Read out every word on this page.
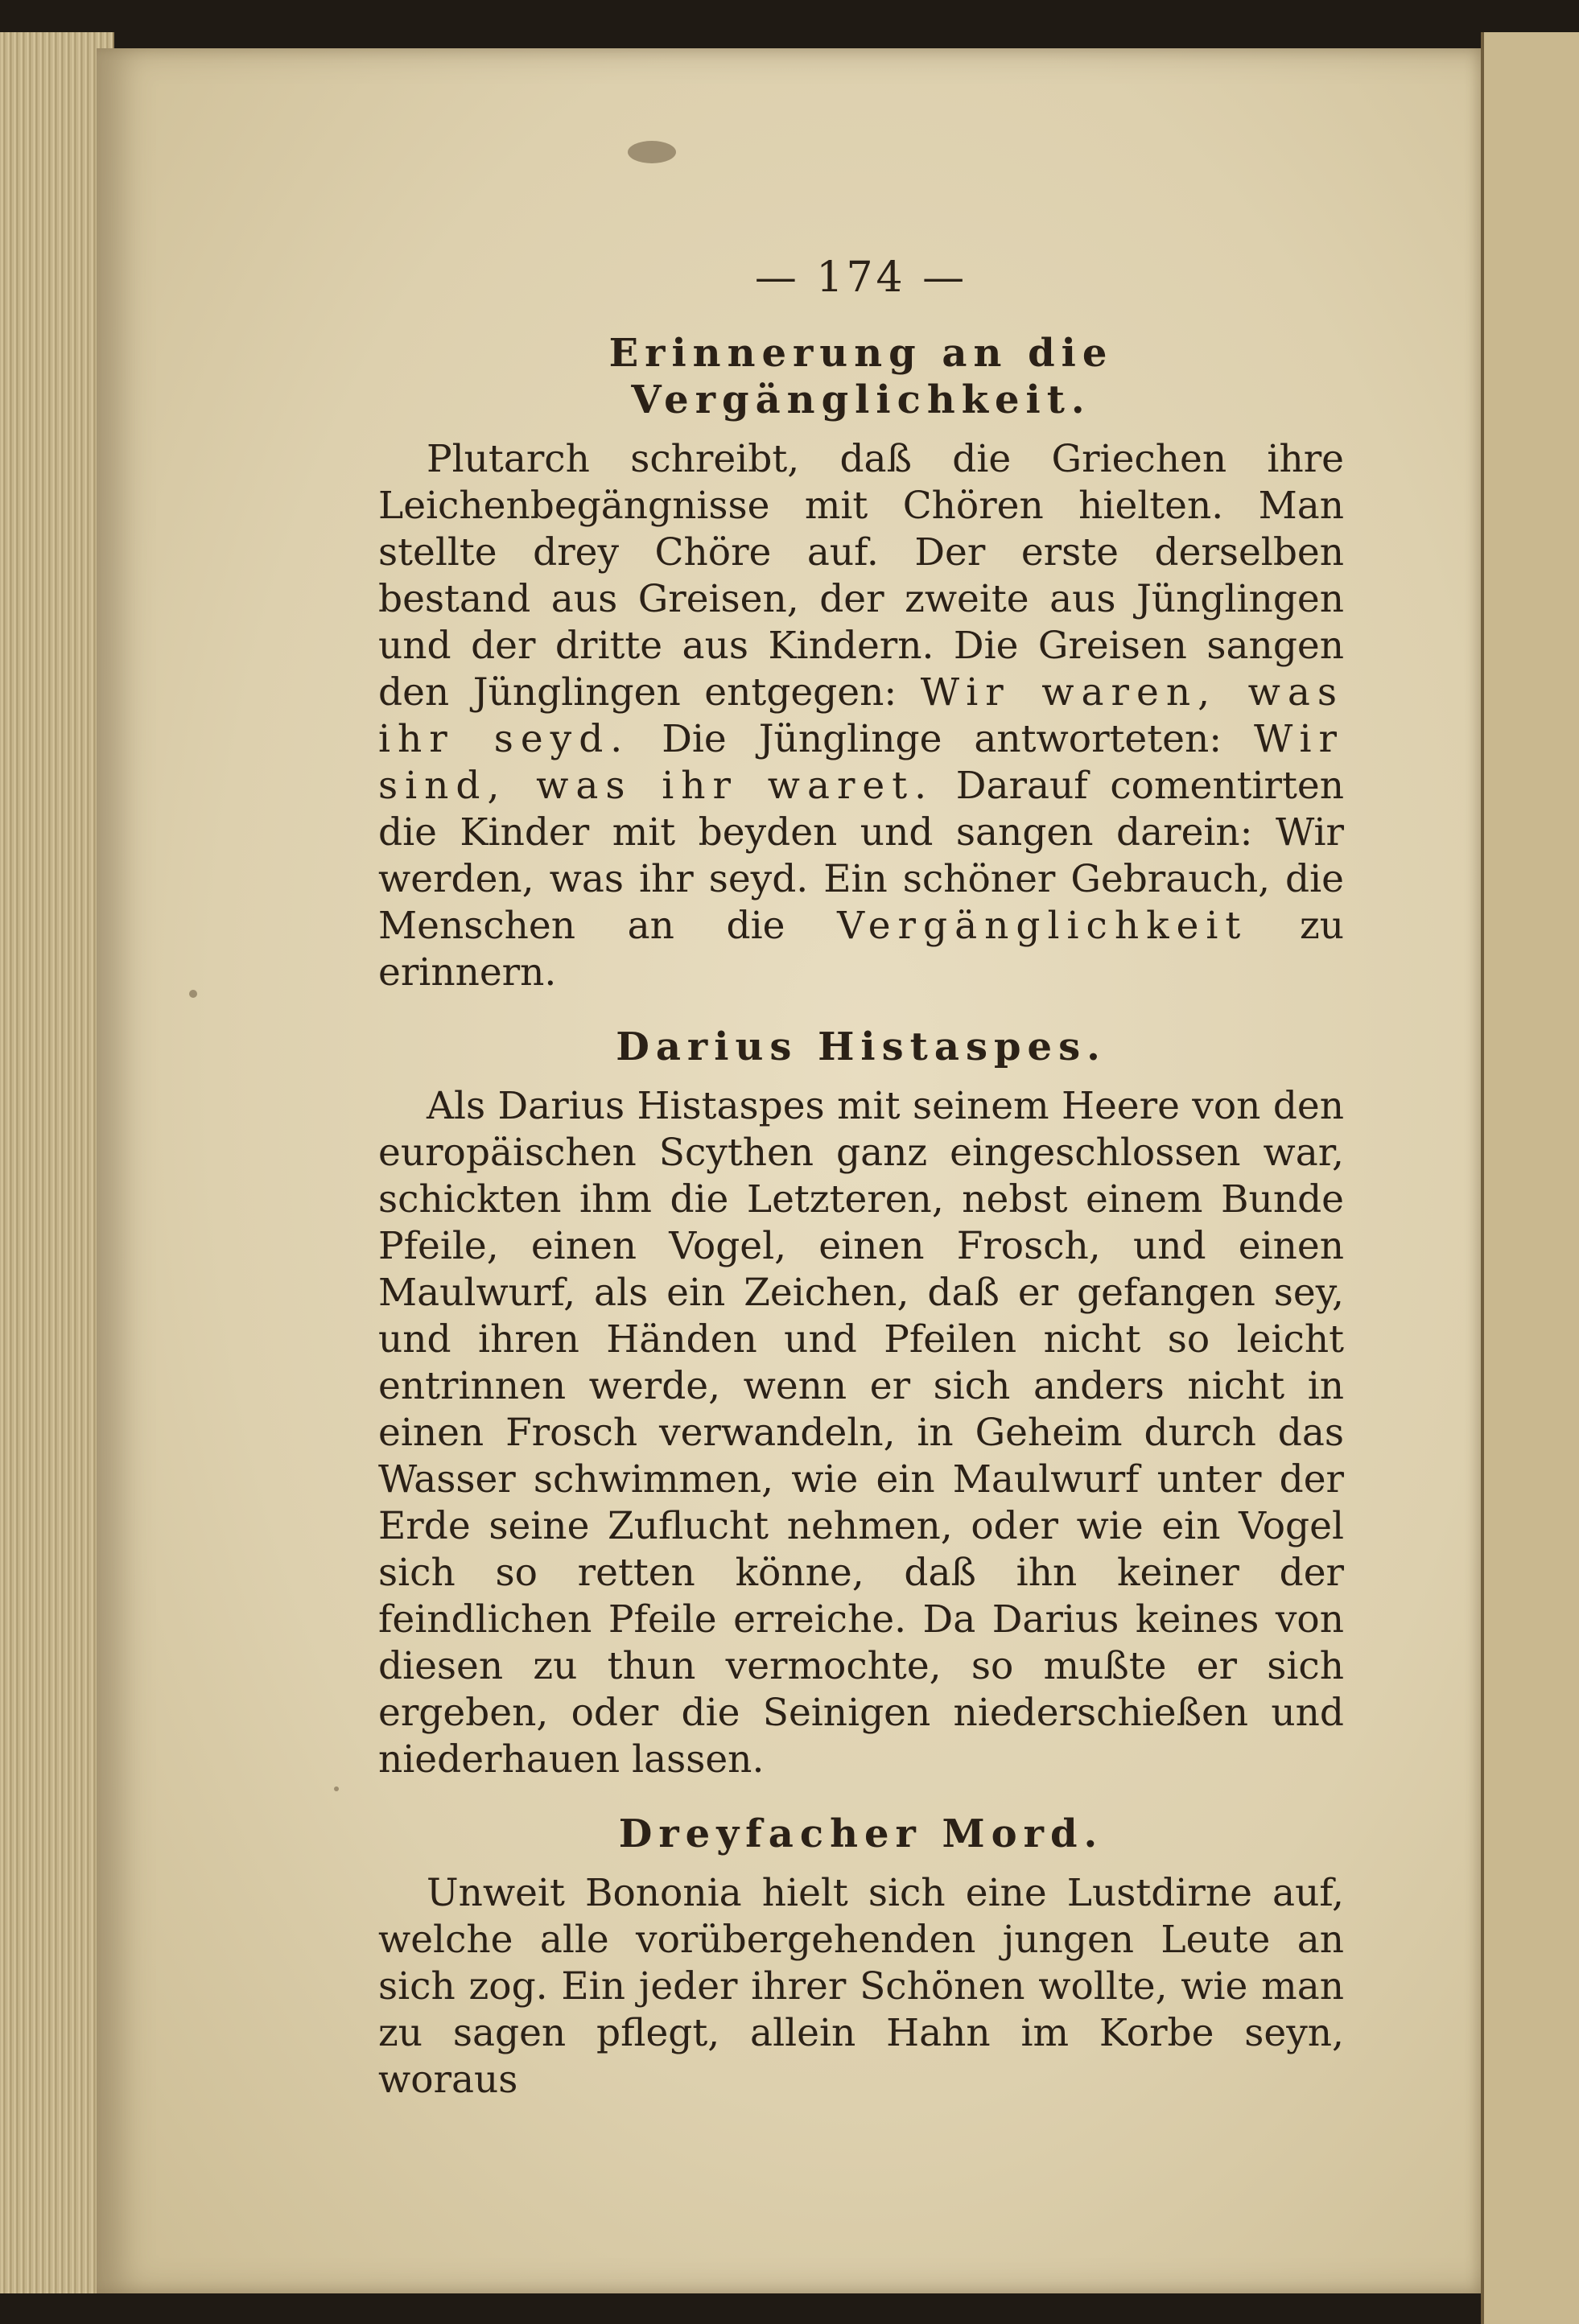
— 174 —
Erinnerung an die Vergänglichkeit.

Plutarch schreibt, daß die Griechen ihre Leichenbegängnisse mit Chören hielten. Man stellte drey Chöre auf. Der erste derselben bestand aus Greisen, der zweite aus Jünglingen und der dritte aus Kindern. Die Greisen sangen den Jünglingen entgegen: Wir waren, was ihr seyd. Die Jünglinge antworteten: Wir sind, was ihr waret. Darauf comentirten die Kinder mit beyden und sangen darein: Wir werden, was ihr seyd. Ein schöner Gebrauch, die Menschen an die Vergänglichkeit zu erinnern.

Darius Histaspes.

Als Darius Histaspes mit seinem Heere von den europäischen Scythen ganz eingeschlossen war, schickten ihm die Letzteren, nebst einem Bunde Pfeile, einen Vogel, einen Frosch, und einen Maulwurf, als ein Zeichen, daß er gefangen sey, und ihren Händen und Pfeilen nicht so leicht entrinnen werde, wenn er sich anders nicht in einen Frosch verwandeln, in Geheim durch das Wasser schwimmen, wie ein Maulwurf unter der Erde seine Zuflucht nehmen, oder wie ein Vogel sich so retten könne, daß ihn keiner der feindlichen Pfeile erreiche. Da Darius keines von diesen zu thun vermochte, so mußte er sich ergeben, oder die Seinigen niederschießen und niederhauen lassen.

Dreyfacher Mord.

Unweit Bononia hielt sich eine Lustdirne auf, welche alle vorübergehenden jungen Leute an sich zog. Ein jeder ihrer Schönen wollte, wie man zu sagen pflegt, allein Hahn im Korbe seyn, woraus
